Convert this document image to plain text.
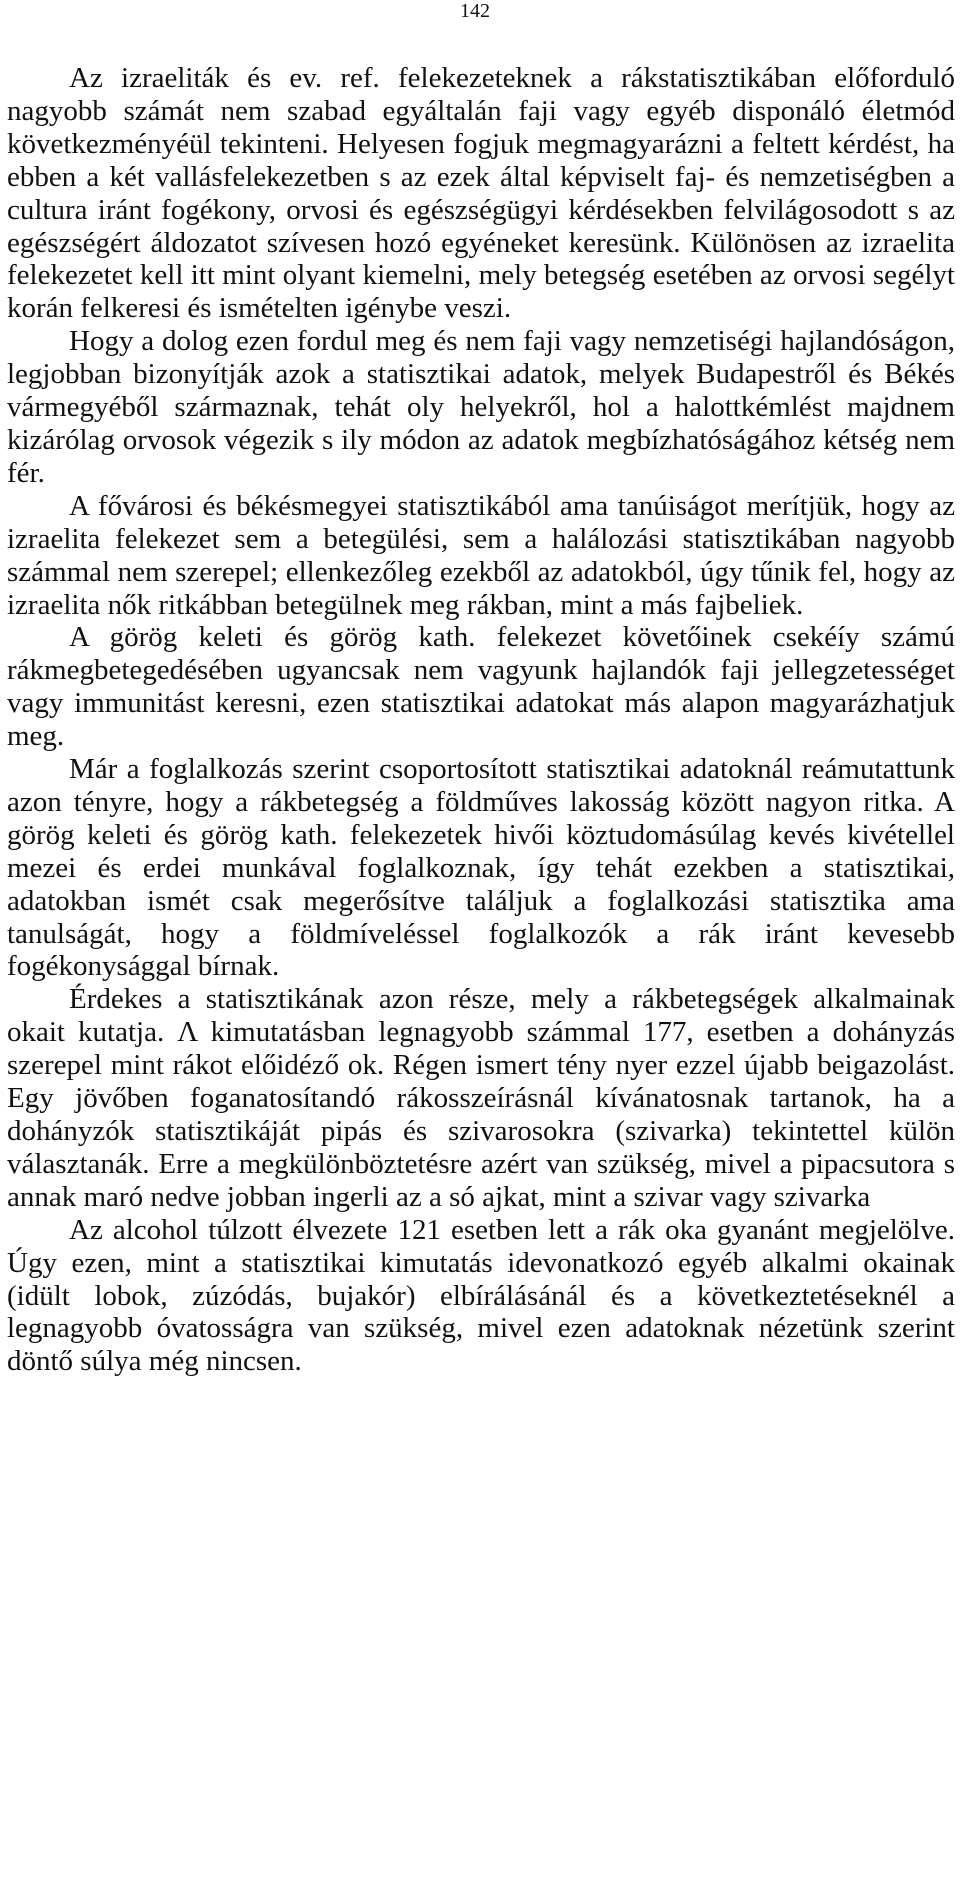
142

Az izraeliták és ev. ref. felekezeteknek a rákstatisztikában előforduló nagyobb számát nem szabad egyáltalán faji vagy egyéb disponáló életmód következményéül tekinteni. Helyesen fogjuk megmagyarázni a feltett kérdést, ha ebben a két vallásfelekezetben s az ezek által képviselt faj- és nemzetiségben a cultura iránt fogékony, orvosi és egészségügyi kérdésekben felvilágosodott s az egészségért áldozatot szívesen hozó egyéneket keresünk. Különösen az izraelita felekezetet kell itt mint olyant kiemelni, mely betegség esetében az orvosi segélyt korán felkeresi és ismételten igénybe veszi.

Hogy a dolog ezen fordul meg és nem faji vagy nemzetiségi hajlandóságon, legjobban bizonyítják azok a statisztikai adatok, melyek Budapestről és Békés vármegyéből származnak, tehát oly helyekről, hol a halottkémlést majdnem kizárólag orvosok végezik s ily módon az adatok megbízhatóságához kétség nem fér.

A fővárosi és békésmegyei statisztikából ama tanúiságot merítjük, hogy az izraelita felekezet sem a betegülési, sem a halálozási statisztikában nagyobb számmal nem szerepel; ellenkezőleg ezekből az adatokból, úgy tűnik fel, hogy az izraelita nők ritkábban betegülnek meg rákban, mint a más fajbeliek.

A görög keleti és görög kath. felekezet követőinek csekéíy számú rákmegbetegedésében ugyancsak nem vagyunk hajlandók faji jellegzetességet vagy immunitást keresni, ezen statisztikai adatokat más alapon magyarázhatjuk meg.

Már a foglalkozás szerint csoportosított statisztikai adatoknál reámutattunk azon tényre, hogy a rákbetegség a földműves lakosság között nagyon ritka. A görög keleti és görög kath. felekezetek hivői köztudomásúlag kevés kivétellel mezei és erdei munkával foglalkoznak, így tehát ezekben a statisztikai, adatokban ismét csak megerősítve találjuk a foglalkozási statisztika ama tanulságát, hogy a földmíveléssel foglalkozók a rák iránt kevesebb fogékonysággal bírnak.

Érdekes a statisztikának azon része, mely a rákbetegségek alkalmainak okait kutatja. Λ kimutatásban legnagyobb számmal 177, esetben a dohányzás szerepel mint rákot előidéző ok. Régen ismert tény nyer ezzel újabb beigazolást. Egy jövőben foganatosítandó rákosszeírásnál kívánatosnak tartanok, ha a dohányzók statisztikáját pipás és szivarosokra (szivarka) tekintettel külön választanák. Erre a megkülönböztetésre azért van szükség, mivel a pipacsutora s annak maró nedve jobban ingerli az a só ajkat, mint a szivar vagy szivarka

Az alcohol túlzott élvezete 121 esetben lett a rák oka gyanánt megjelölve. Úgy ezen, mint a statisztikai kimutatás idevonatkozó egyéb alkalmi okainak (idült lobok, zúzódás, bujakór) elbírálásánál és a következtetéseknél a legnagyobb óvatosságra van szükség, mivel ezen adatoknak nézetünk szerint döntő súlya még nincsen.
